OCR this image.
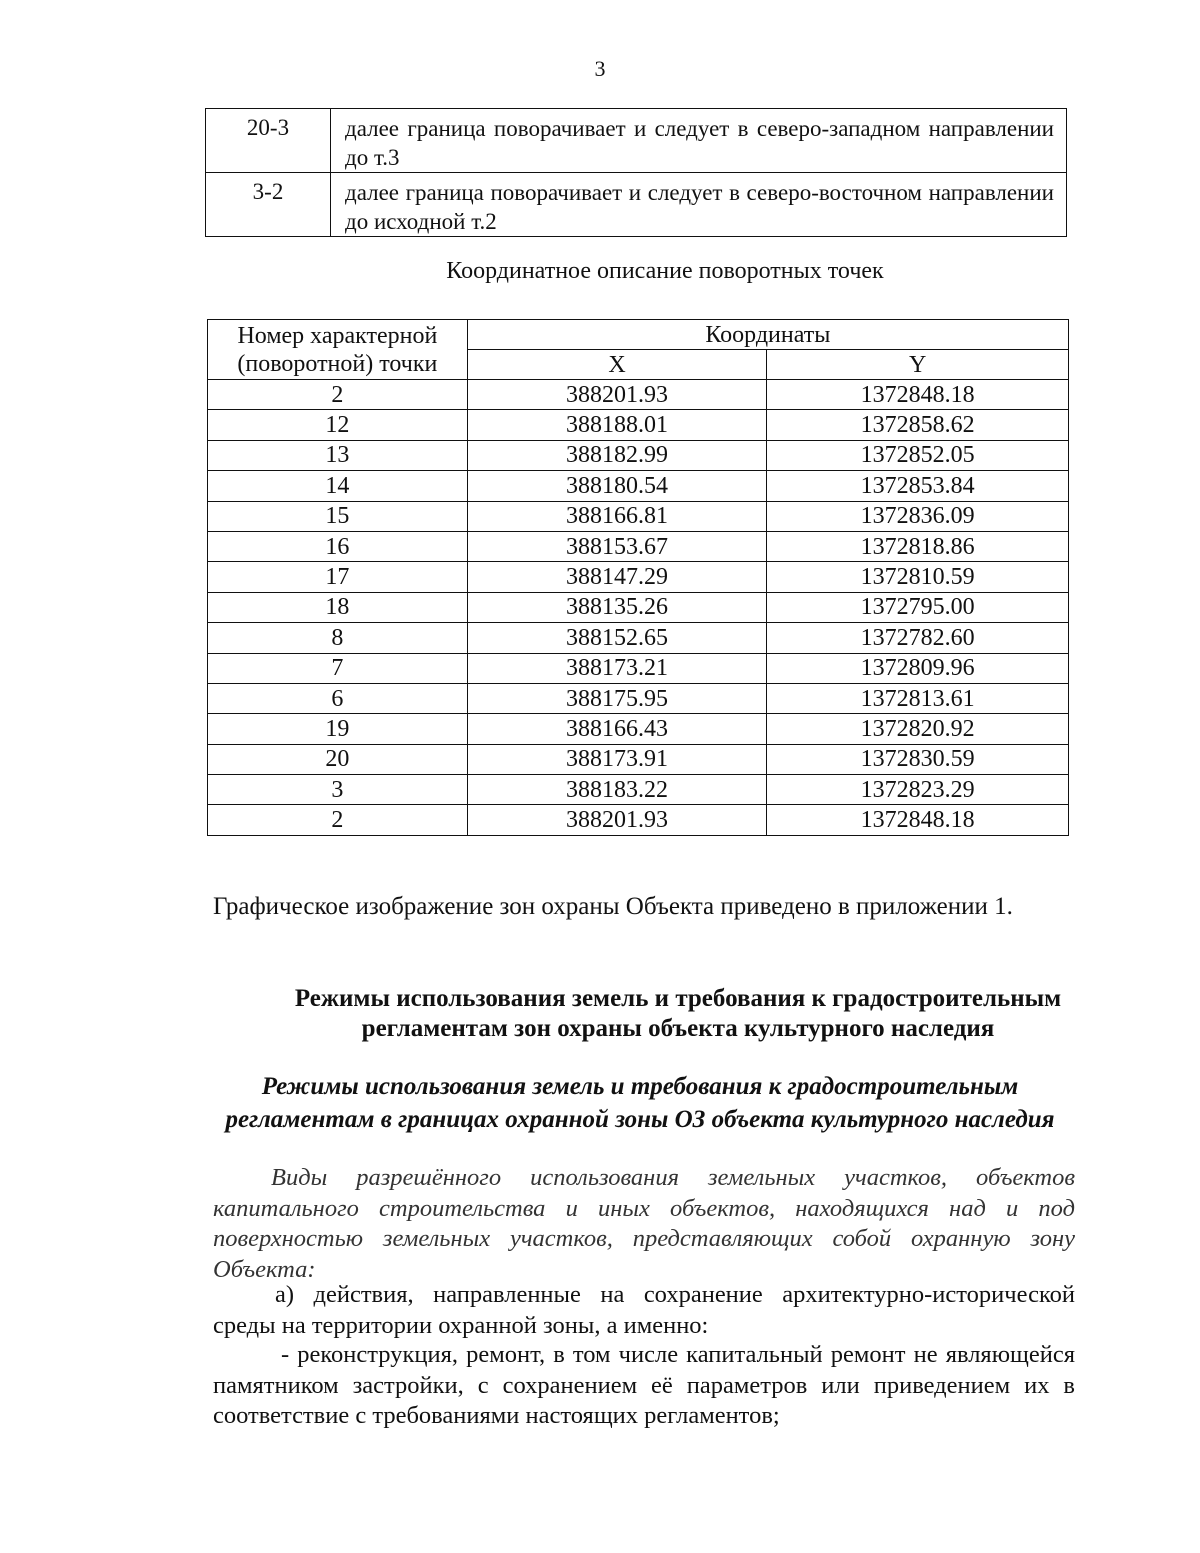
3
20-3	далее граница поворачивает и следует в северо-западном направлении до т.3
3-2	далее граница поворачивает и следует в северо-восточном направлении до исходной т.2
Координатное описание поворотных точек
Номер характерной (поворотной) точки	Координаты	
	X	Y
2	388201.93	1372848.18
12	388188.01	1372858.62
13	388182.99	1372852.05
14	388180.54	1372853.84
15	388166.81	1372836.09
16	388153.67	1372818.86
17	388147.29	1372810.59
18	388135.26	1372795.00
8	388152.65	1372782.60
7	388173.21	1372809.96
6	388175.95	1372813.61
19	388166.43	1372820.92
20	388173.91	1372830.59
3	388183.22	1372823.29
2	388201.93	1372848.18
Графическое изображение зон охраны Объекта приведено в приложении 1.
Режимы использования земель и требования к градостроительным
регламентам зон охраны объекта культурного наследия
Режимы использования земель и требования к градостроительным
регламентам в границах охранной зоны ОЗ объекта культурного наследия
Виды разрешённого использования земельных участков, объектов капитального строительства и иных объектов, находящихся над и под поверхностью земельных участков, представляющих собой охранную зону Объекта:
а) действия, направленные на сохранение архитектурно-исторической среды на территории охранной зоны, а именно:
- реконструкция, ремонт, в том числе капитальный ремонт не являющейся памятником застройки, с сохранением её параметров или приведением их в соответствие с требованиями настоящих регламентов;
